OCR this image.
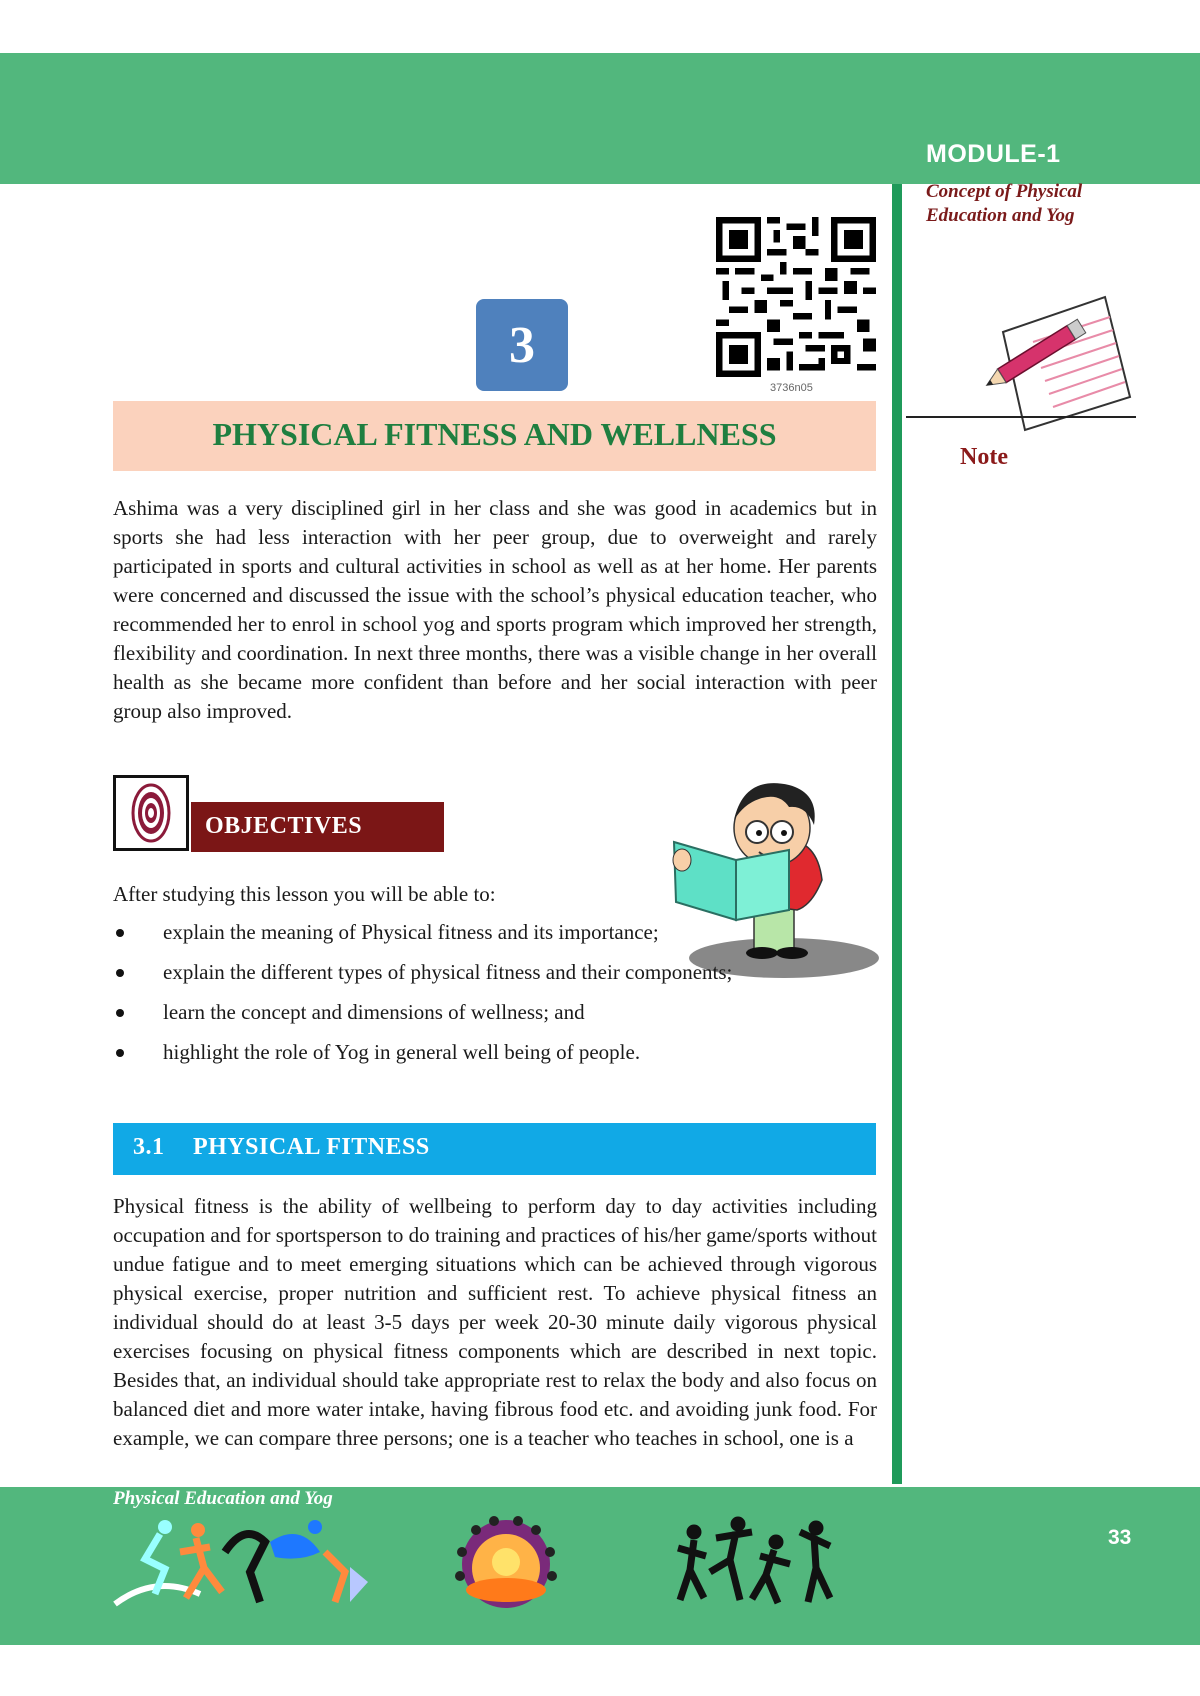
MODULE-1
Concept of Physical
Education and Yog
Note
3736n05
3
PHYSICAL FITNESS AND WELLNESS

Ashima was a very disciplined girl in her class and she was good in academics but in sports she had less interaction with her peer group, due to overweight and rarely participated in sports and cultural activities in school as well as at her home. Her parents were concerned and discussed the issue with the school’s physical education teacher, who recommended her to enrol in school yog and sports program which improved her strength, flexibility and coordination. In next three months, there was a visible change in her overall health as she became more confident than before and her social interaction with peer group also improved.

OBJECTIVES
After studying this lesson you will be able to:
explain the meaning of Physical fitness and its importance;
explain the different types of physical fitness and their components;
learn the concept and dimensions of wellness; and
highlight the role of Yog in general well being of people.
3.1 PHYSICAL FITNESS

Physical fitness is the ability of wellbeing to perform day to day activities including occupation and for sportsperson to do training and practices of his/her game/sports without undue fatigue and to meet emerging situations which can be achieved through vigorous physical exercise, proper nutrition and sufficient rest. To achieve physical fitness an individual should do at least 3-5 days per week 20-30 minute daily vigorous physical exercises focusing on physical fitness components which are described in next topic. Besides that, an individual should take appropriate rest to relax the body and also focus on balanced diet and more water intake, having fibrous food etc. and avoiding junk food. For example, we can compare three persons; one is a teacher who teaches in school, one is a

Physical Education and Yog
33
